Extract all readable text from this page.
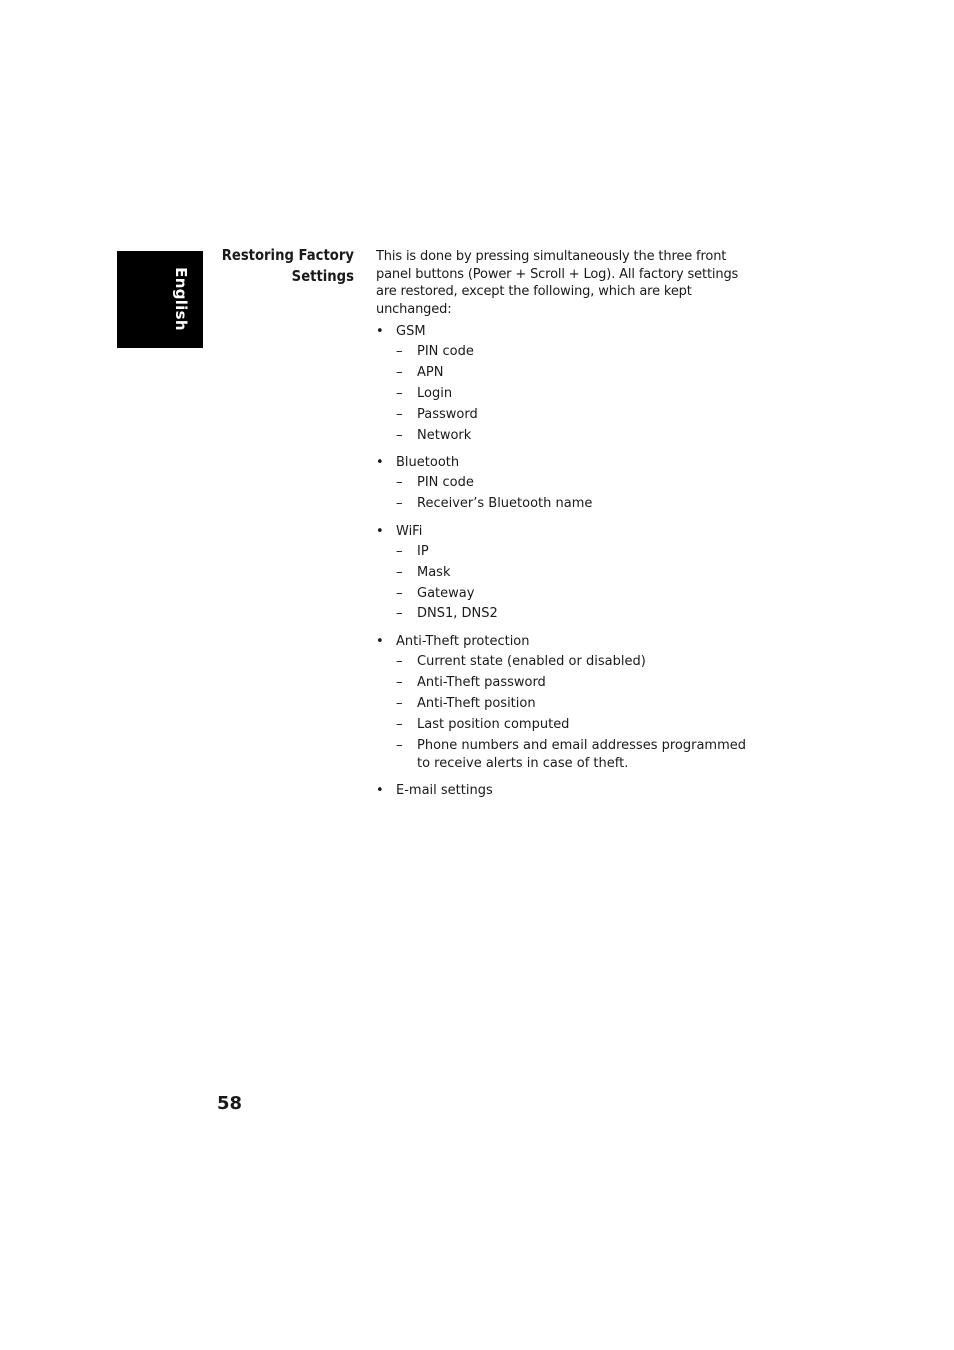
English
Restoring Factory
Settings

This is done by pressing simultaneously the three front panel buttons (Power + Scroll + Log). All factory settings are restored, except the following, which are kept unchanged:

• GSM
– PIN code
– APN
– Login
– Password
– Network
• Bluetooth
– PIN code
– Receiver’s Bluetooth name
• WiFi
– IP
– Mask
– Gateway
– DNS1, DNS2
• Anti-Theft protection
– Current state (enabled or disabled)
– Anti-Theft password
– Anti-Theft position
– Last position computed
– Phone numbers and email addresses programmed to receive alerts in case of theft.
• E-mail settings
58
